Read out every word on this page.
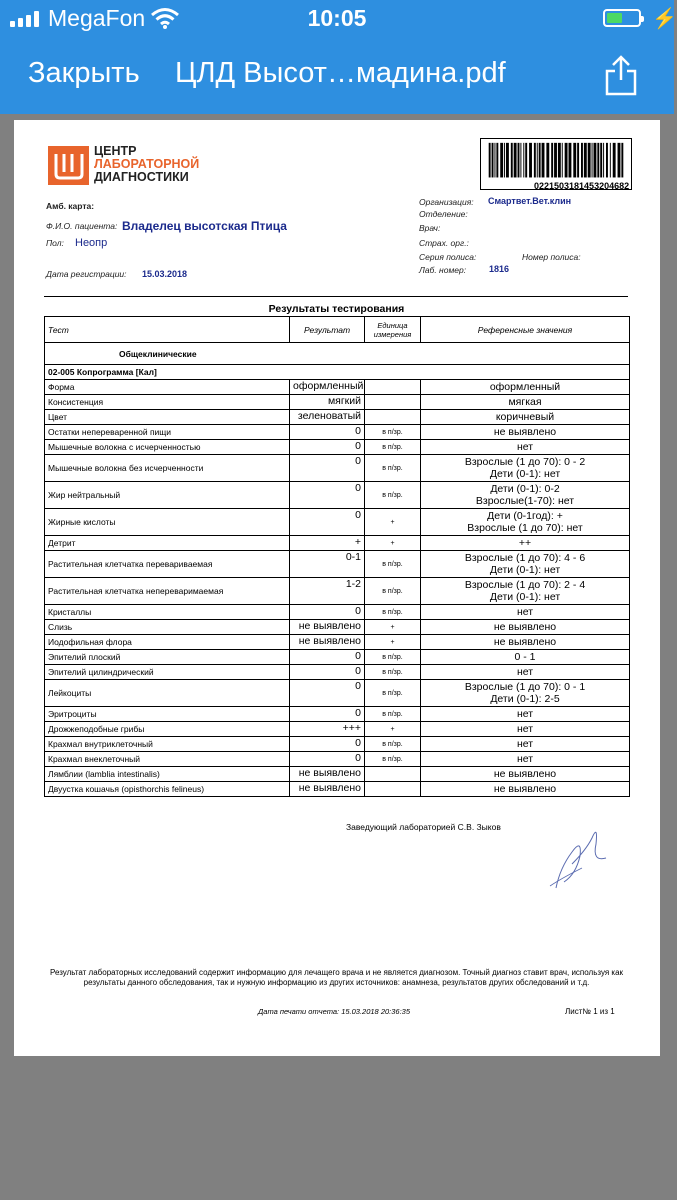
MegaFon	10:05	⚡
Закрыть ЦЛД Высот…мадина.pdf
ЦЕНТР
ЛАБОРАТОРНОЙ
ДИАГНОСТИКИ
0221503181453204682
Амб. карта:
Ф.И.О. пациента: Владелец высотская Птица
Пол: Неопр
Дата регистрации: 15.03.2018
Организация: Смартвет.Вет.клин
Отделение:
Врач:
Страх. орг.:
Серия полиса:	Номер полиса:
Лаб. номер:	1816
Результаты тестирования
Тест	Результат	Единица измерения	Референсные значения
Общеклинические			
02-005 Копрограмма [Кал]			
Форма	оформленный		оформленный

Консистенция	мягкий		мягкая

Цвет	зеленоватый		коричневый

Остатки непереваренной пищи	0	в п/зр.	не выявлено

Мышечные волокна с исчерченностью	0	в п/зр.	нет

Мышечные волокна без исчерченности	0	в п/зр.	Взрослые (1 до 70): 0 - 2
Дети (0-1): нет

Жир нейтральный	0	в п/зр.	Дети (0-1): 0-2
Взрослые(1-70): нет

Жирные кислоты	0	+	Дети (0-1год): +
Взрослые (1 до 70): нет

Детрит	+	+	++

Растительная клетчатка перевариваемая	0-1	в п/зр.	Взрослые (1 до 70): 4 - 6
Дети (0-1): нет

Растительная клетчатка непереваримаемая	1-2	в п/зр.	Взрослые (1 до 70): 2 - 4
Дети (0-1): нет

Кристаллы	0	в п/зр.	нет

Слизь	не выявлено	+	не выявлено

Иодофильная флора	не выявлено	+	не выявлено

Эпителий плоский	0	в п/зр.	0 - 1

Эпителий цилиндрический	0	в п/зр.	нет

Лейкоциты	0	в п/зр.	Взрослые (1 до 70): 0 - 1
Дети (0-1): 2-5

Эритроциты	0	в п/зр.	нет

Дрожжеподобные грибы	+++	+	нет

Крахмал внутриклеточный	0	в п/зр.	нет

Крахмал внеклеточный	0	в п/зр.	нет

Лямблии (lamblia intestinalis)	не выявлено		не выявлено

Двуустка кошачья (opisthorchis felineus)	не выявлено		не выявлено
Заведующий лабораторией С.В. Зыков
Результат лабораторных исследований содержит информацию для лечащего врача и не является диагнозом. Точный диагноз ставит врач, используя как результаты данного обследования, так и нужную информацию из других источников: анамнеза, результатов других обследований и т.д.
Дата печати отчета: 15.03.2018 20:36:35	Лист№ 1 из 1
